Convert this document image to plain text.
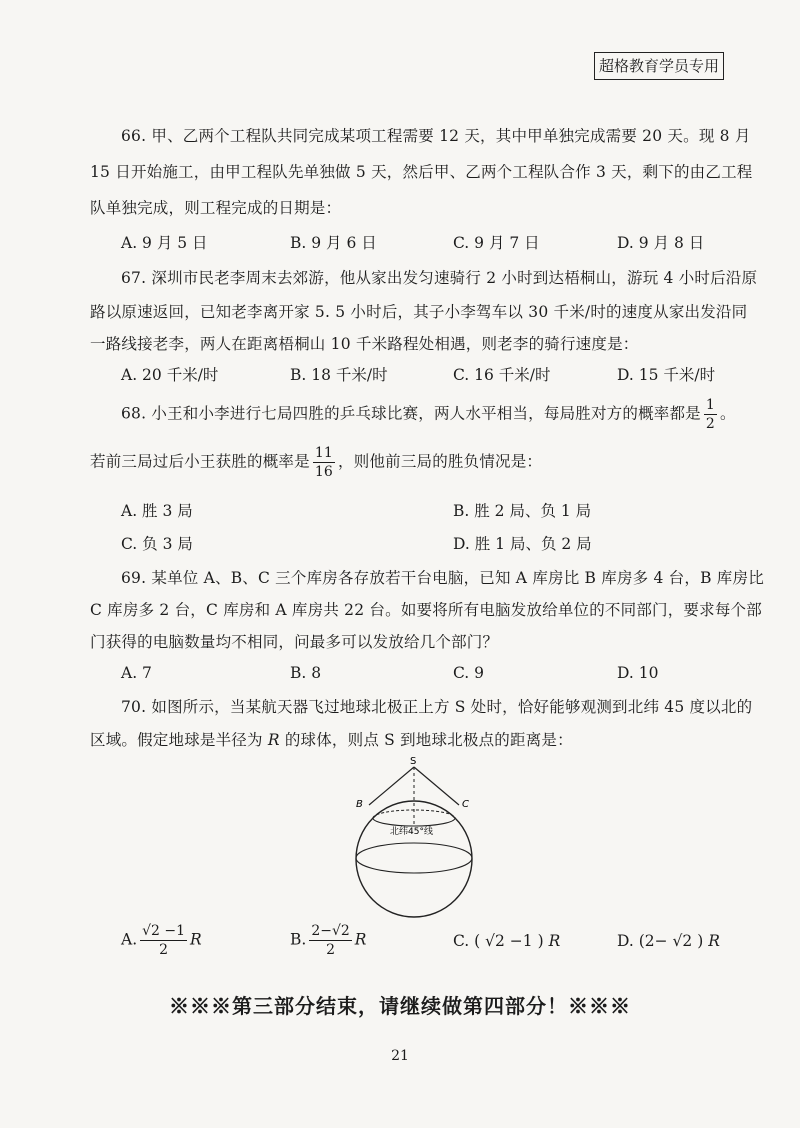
超格教育学员专用
66. 甲、乙两个工程队共同完成某项工程需要 12 天，其中甲单独完成需要 20 天。现 8 月
15 日开始施工，由甲工程队先单独做 5 天，然后甲、乙两个工程队合作 3 天，剩下的由乙工程
队单独完成，则工程完成的日期是：
A. 9 月 5 日	B. 9 月 6 日	C. 9 月 7 日	D. 9 月 8 日
67. 深圳市民老李周末去郊游，他从家出发匀速骑行 2 小时到达梧桐山，游玩 4 小时后沿原
路以原速返回，已知老李离开家 5. 5 小时后，其子小李驾车以 30 千米/时的速度从家出发沿同
一路线接老李，两人在距离梧桐山 10 千米路程处相遇，则老李的骑行速度是：
A. 20 千米/时	B. 18 千米/时	C. 16 千米/时	D. 15 千米/时
68. 小王和小李进行七局四胜的乒乓球比赛，两人水平相当，每局胜对方的概率都是 $\frac{1}{2}$ 。
若前三局过后小王获胜的概率是 $\frac{11}{16}$ ，则他前三局的胜负情况是：
A. 胜 3 局	B. 胜 2 局、负 1 局
C. 负 3 局	D. 胜 1 局、负 2 局
69. 某单位 A、B、C 三个库房各存放若干台电脑，已知 A 库房比 B 库房多 4 台，B 库房比
C 库房多 2 台，C 库房和 A 库房共 22 台。如要将所有电脑发放给单位的不同部门，要求每个部
门获得的电脑数量均不相同，问最多可以发放给几个部门？
A. 7	B. 8	C. 9	D. 10
70. 如图所示，当某航天器飞过地球北极正上方 S 处时，恰好能够观测到北纬 45 度以北的
区域。假定地球是半径为 R 的球体，则点 S 到地球北极点的距离是：
S
B	C
北纬45°线
A. $\frac{√2 -1}{2}$ R	B. $\frac{2-√2}{2}$ R	C. ( √2 −1 ) R	D. (2− √2 ) R
※※※第三部分结束，请继续做第四部分！※※※
21
